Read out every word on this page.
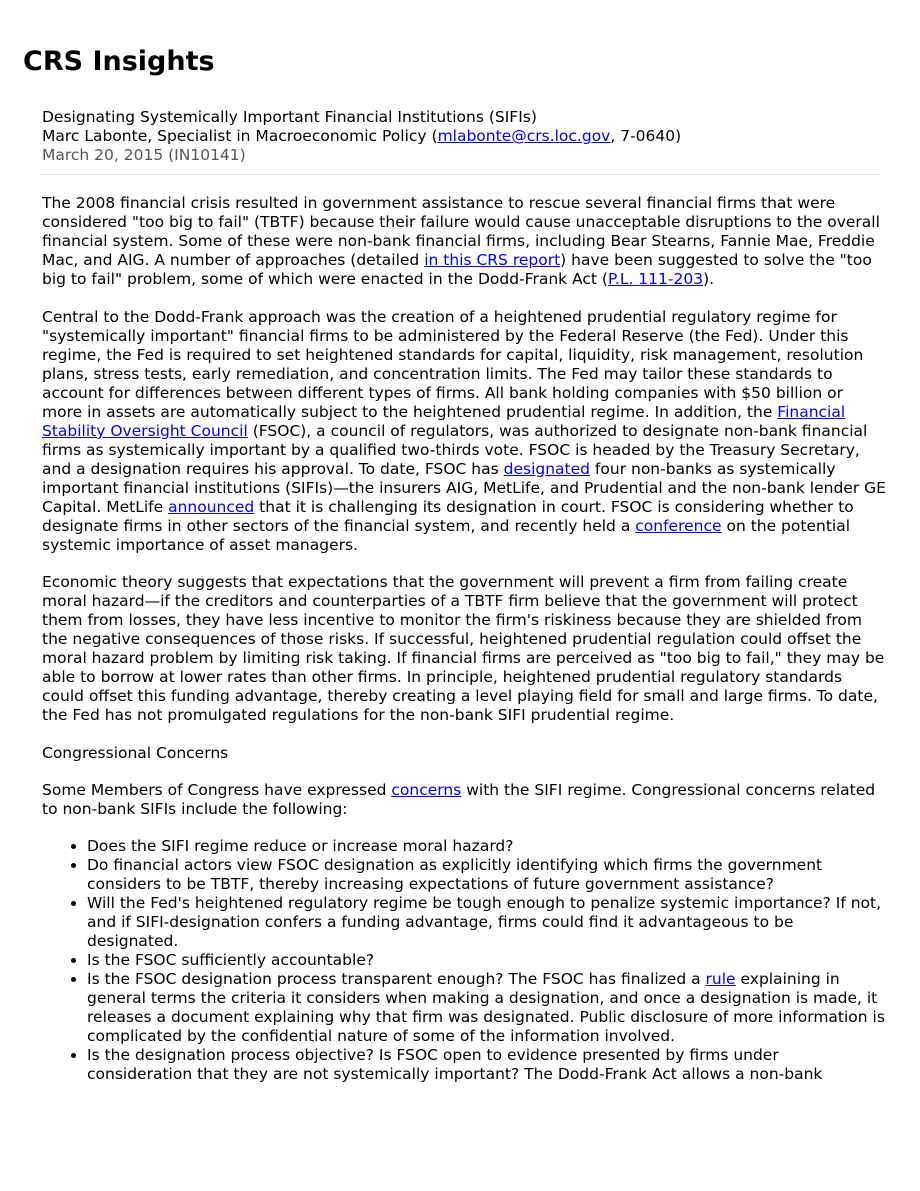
CRS Insights

Designating Systemically Important Financial Institutions (SIFIs)

Marc Labonte, Specialist in Macroeconomic Policy (mlabonte@crs.loc.gov, 7-0640)

March 20, 2015 (IN10141)

The 2008 financial crisis resulted in government assistance to rescue several financial firms that were considered "too big to fail" (TBTF) because their failure would cause unacceptable disruptions to the overall financial system. Some of these were non-bank financial firms, including Bear Stearns, Fannie Mae, Freddie Mac, and AIG. A number of approaches (detailed in this CRS report) have been suggested to solve the "too big to fail" problem, some of which were enacted in the Dodd-Frank Act (P.L. 111-203).

Central to the Dodd-Frank approach was the creation of a heightened prudential regulatory regime for "systemically important" financial firms to be administered by the Federal Reserve (the Fed). Under this regime, the Fed is required to set heightened standards for capital, liquidity, risk management, resolution plans, stress tests, early remediation, and concentration limits. The Fed may tailor these standards to account for differences between different types of firms. All bank holding companies with $50 billion or more in assets are automatically subject to the heightened prudential regime. In addition, the Financial Stability Oversight Council (FSOC), a council of regulators, was authorized to designate non-bank financial firms as systemically important by a qualified two-thirds vote. FSOC is headed by the Treasury Secretary, and a designation requires his approval. To date, FSOC has designated four non-banks as systemically important financial institutions (SIFIs)—the insurers AIG, MetLife, and Prudential and the non-bank lender GE Capital. MetLife announced that it is challenging its designation in court. FSOC is considering whether to designate firms in other sectors of the financial system, and recently held a conference on the potential systemic importance of asset managers.

Economic theory suggests that expectations that the government will prevent a firm from failing create moral hazard—if the creditors and counterparties of a TBTF firm believe that the government will protect them from losses, they have less incentive to monitor the firm's riskiness because they are shielded from the negative consequences of those risks. If successful, heightened prudential regulation could offset the moral hazard problem by limiting risk taking. If financial firms are perceived as "too big to fail," they may be able to borrow at lower rates than other firms. In principle, heightened prudential regulatory standards could offset this funding advantage, thereby creating a level playing field for small and large firms. To date, the Fed has not promulgated regulations for the non-bank SIFI prudential regime.

Congressional Concerns

Some Members of Congress have expressed concerns with the SIFI regime. Congressional concerns related to non-bank SIFIs include the following:

• Does the SIFI regime reduce or increase moral hazard?
• Do financial actors view FSOC designation as explicitly identifying which firms the government considers to be TBTF, thereby increasing expectations of future government assistance?
• Will the Fed's heightened regulatory regime be tough enough to penalize systemic importance? If not, and if SIFI-designation confers a funding advantage, firms could find it advantageous to be designated.
• Is the FSOC sufficiently accountable?
• Is the FSOC designation process transparent enough? The FSOC has finalized a rule explaining in general terms the criteria it considers when making a designation, and once a designation is made, it releases a document explaining why that firm was designated. Public disclosure of more information is complicated by the confidential nature of some of the information involved.
• Is the designation process objective? Is FSOC open to evidence presented by firms under consideration that they are not systemically important? The Dodd-Frank Act allows a non-bank
